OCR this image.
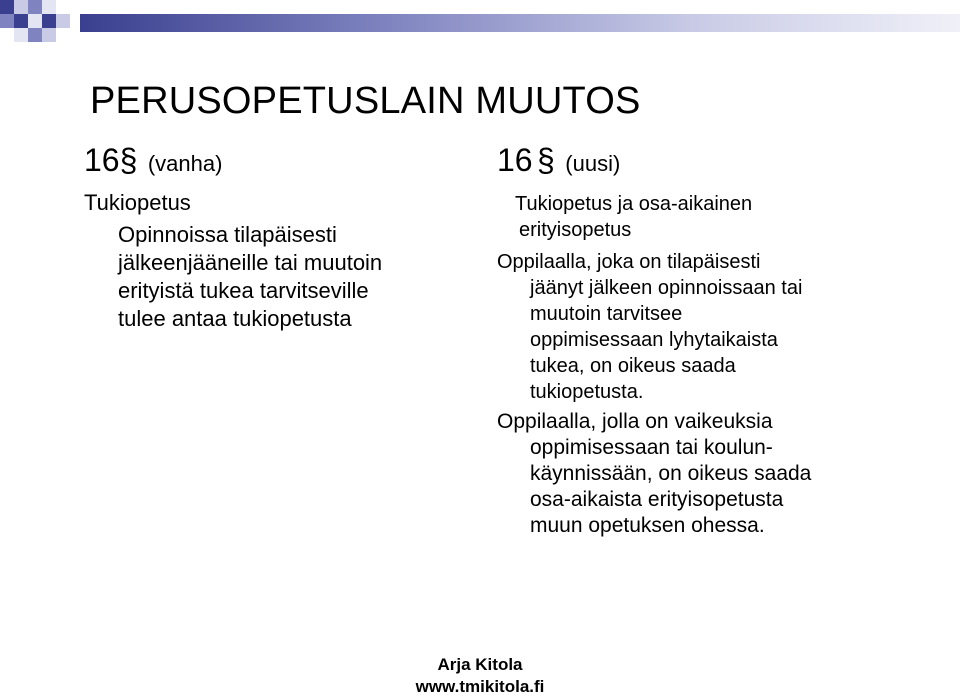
PERUSOPETUSLAIN MUUTOS
16§ (vanha)
Tukiopetus
Opinnoissa tilapäisesti
jälkeenjääneille tai muutoin
erityistä tukea tarvitseville
tulee antaa tukiopetusta
16 § (uusi)
Tukiopetus ja osa-aikainen
erityisopetus
Oppilaalla, joka on tilapäisesti
jäänyt jälkeen opinnoissaan tai
muutoin tarvitsee
oppimisessaan lyhytaikaista
tukea, on oikeus saada
tukiopetusta.
Oppilaalla, jolla on vaikeuksia
oppimisessaan tai koulun-
käynnissään, on oikeus saada
osa-aikaista erityisopetusta
muun opetuksen ohessa.
Arja Kitola
www.tmikitola.fi
